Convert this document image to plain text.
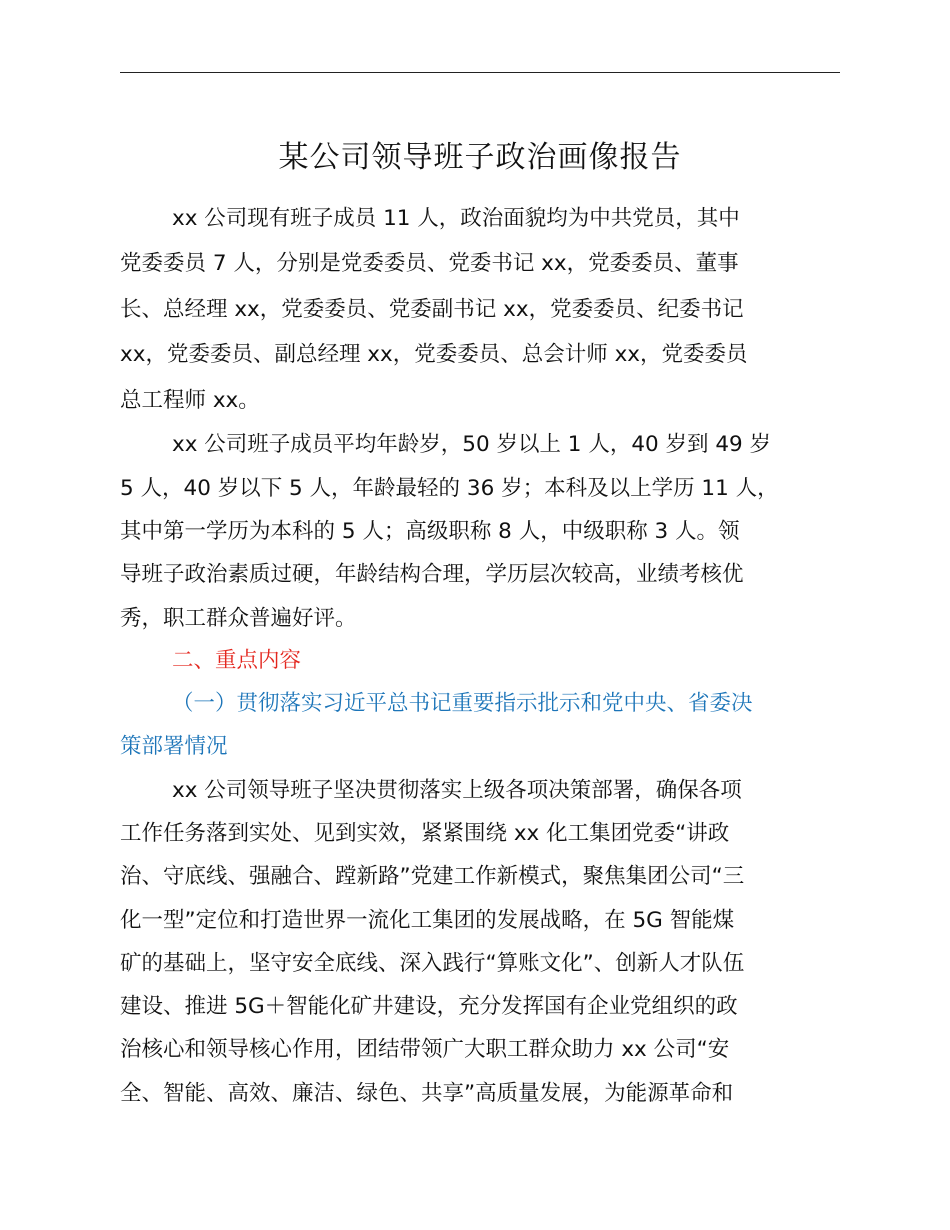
某公司领导班子政治画像报告

xx 公司现有班子成员 11 人，政治面貌均为中共党员，其中

党委委员 7 人，分别是党委委员、党委书记 xx，党委委员、董事

长、总经理 xx，党委委员、党委副书记 xx，党委委员、纪委书记

xx，党委委员、副总经理 xx，党委委员、总会计师 xx，党委委员

总工程师 xx。

xx 公司班子成员平均年龄岁，50 岁以上 1 人，40 岁到 49 岁

5 人，40 岁以下 5 人，年龄最轻的 36 岁；本科及以上学历 11 人，

其中第一学历为本科的 5 人；高级职称 8 人，中级职称 3 人。领

导班子政治素质过硬，年龄结构合理，学历层次较高，业绩考核优

秀，职工群众普遍好评。

二、重点内容

（一）贯彻落实习近平总书记重要指示批示和党中央、省委决

策部署情况

xx 公司领导班子坚决贯彻落实上级各项决策部署，确保各项

工作任务落到实处、见到实效，紧紧围绕 xx 化工集团党委“讲政

治、守底线、强融合、蹚新路”党建工作新模式，聚焦集团公司“三

化一型”定位和打造世界一流化工集团的发展战略，在 5G 智能煤

矿的基础上，坚守安全底线、深入践行“算账文化”、创新人才队伍

建设、推进 5G＋智能化矿井建设，充分发挥国有企业党组织的政

治核心和领导核心作用，团结带领广大职工群众助力 xx 公司“安

全、智能、高效、廉洁、绿色、共享”高质量发展，为能源革命和
